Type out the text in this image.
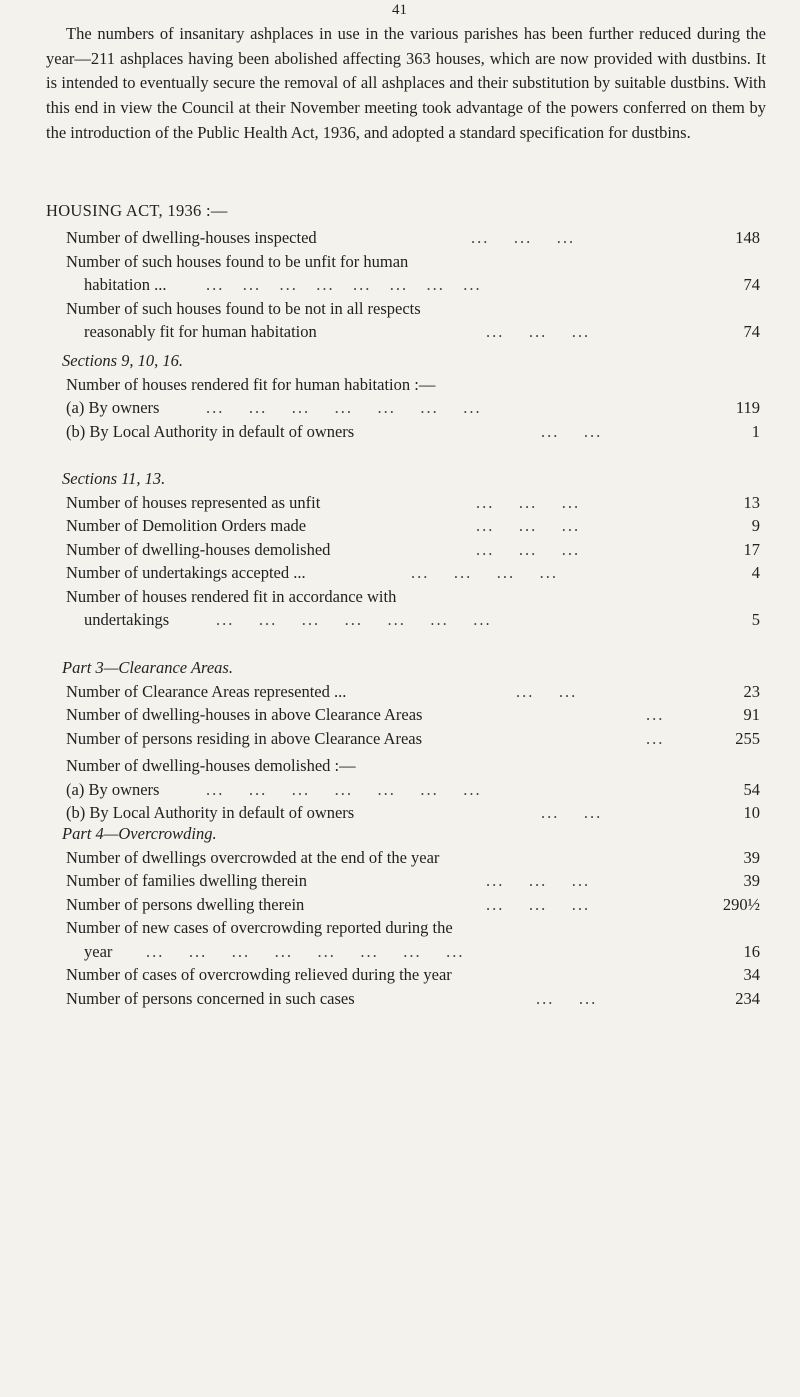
41

The numbers of insanitary ashplaces in use in the various parishes has been further reduced during the year—211 ashplaces having been abolished affecting 363 houses, which are now provided with dustbins. It is intended to eventually secure the removal of all ashplaces and their substitution by suitable dustbins. With this end in view the Council at their November meeting took advantage of the powers conferred on them by the introduction of the Public Health Act, 1936, and adopted a standard specification for dustbins.

HOUSING ACT, 1936 :—
Number of dwelling-houses inspected	...    ...    ...	148
Number of such houses found to be unfit for human
habitation ... ...   ...   ...   ...   ...   ...   ...   ...	74
Number of such houses found to be not in all respects
reasonably fit for human habitation	...    ...    ...	74
Sections 9, 10, 16.
Number of houses rendered fit for human habitation :—
(a) By owners	...    ...    ...    ...    ...    ...    ...	119
(b) By Local Authority in default of owners	...    ...	1
Sections 11, 13.
Number of houses represented as unfit	...    ...    ...	13
Number of Demolition Orders made	...    ...    ...	9
Number of dwelling-houses demolished	...    ...    ...	17
Number of undertakings accepted ...	...    ...    ...    ...	4
Number of houses rendered fit in accordance with
undertakings	...    ...    ...    ...    ...    ...    ...	5
Part 3—Clearance Areas.
Number of Clearance Areas represented ...	...    ...	23
Number of dwelling-houses in above Clearance Areas	...	91
Number of persons residing in above Clearance Areas	...	255
Number of dwelling-houses demolished :—
(a) By owners	...    ...    ...    ...    ...    ...    ...	54
(b) By Local Authority in default of owners	...    ...	10
Part 4—Overcrowding.
Number of dwellings overcrowded at the end of the year	39
Number of families dwelling therein	...    ...    ...	39
Number of persons dwelling therein	...    ...    ...	290½
Number of new cases of overcrowding reported during the
year ...    ...    ...    ...    ...    ...    ...    ...	16
Number of cases of overcrowding relieved during the year	34
Number of persons concerned in such cases	...    ...	234
